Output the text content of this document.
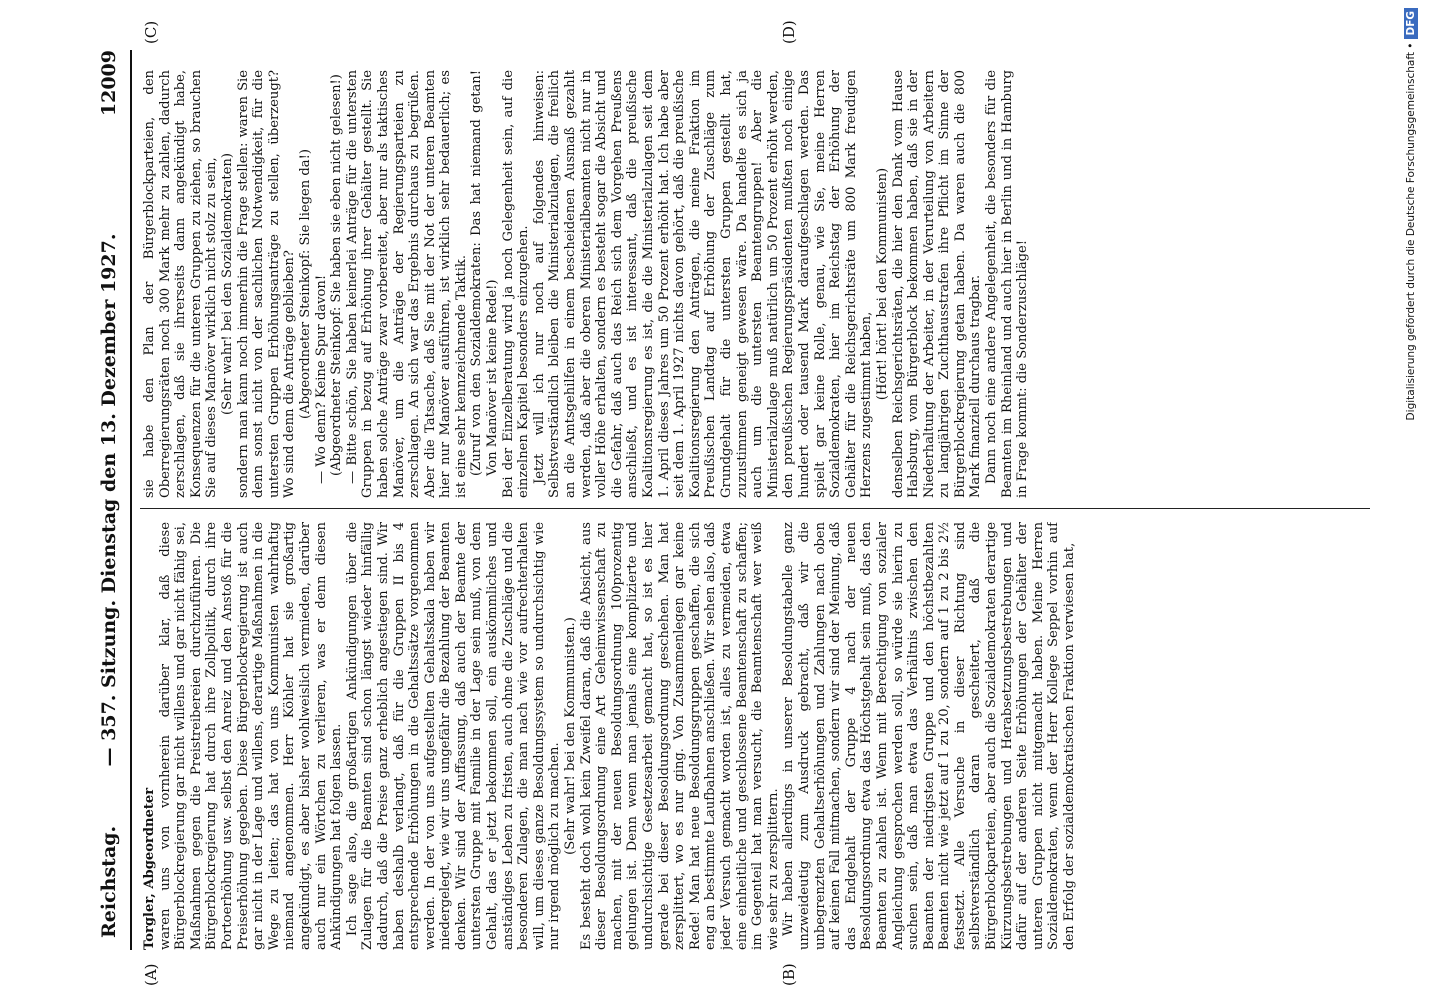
Reichstag.
— 357. Sitzung. Dienstag den 13. Dezember 1927.
12009

Torgler, Abgeordneter waren uns von vornherein darüber klar, daß diese Bürgerblockregierung gar nicht willens und gar nicht fähig sei, Maßnahmen gegen die Preistreibereien durchzuführen. Die Bürgerblockregierung hat durch ihre Zollpolitik, durch ihre Portoerhöhung usw. selbst den Anreiz und den Anstoß für die Preiserhöhung gegeben. Diese Bürgerblockregierung ist auch gar nicht in der Lage und willens, derartige Maßnahmen in die Wege zu leiten; das hat von uns Kommunisten wahrhaftig niemand angenommen. Herr Köhler hat sie großartig angekündigt, es aber bisher wohlweislich vermieden, darüber auch nur ein Wörtchen zu verlieren, was er denn diesen Ankündigungen hat folgen lassen. Ich sage also, die großartigen Ankündigungen über die Zulagen für die Beamten sind schon längst wieder hinfällig dadurch, daß die Preise ganz erheblich angestiegen sind. Wir haben deshalb verlangt, daß für die Gruppen II bis 4 entsprechende Erhöhungen in die Gehaltssätze vorgenommen werden. In der von uns aufgestellten Gehaltsskala haben wir niedergelegt, wie wir uns ungefähr die Bezahlung der Beamten denken. Wir sind der Auffassung, daß auch der Beamte der untersten Gruppe mit Familie in der Lage sein muß, von dem Gehalt, das er jetzt bekommen soll, ein auskömmliches und anständiges Leben zu fristen, auch ohne die Zuschläge und die besonderen Zulagen, die man nach wie vor aufrechterhalten will, um dieses ganze Besoldungssystem so undurchsichtig wie nur irgend möglich zu machen. (Sehr wahr! bei den Kommunisten.) Es besteht doch wohl kein Zweifel daran, daß die Absicht, aus dieser Besoldungsordnung eine Art Geheimwissenschaft zu machen, mit der neuen Besoldungsordnung 100prozentig gelungen ist. Denn wenn man jemals eine komplizierte und undurchsichtige Gesetzesarbeit gemacht hat, so ist es hier gerade bei dieser Besoldungsordnung geschehen. Man hat zersplittert, wo es nur ging. Von Zusammenlegen gar keine Rede! Man hat neue Besoldungsgruppen geschaffen, die sich eng an bestimmte Laufbahnen anschließen. Wir sehen also, daß jeder Versuch gemacht worden ist, alles zu vermeiden, etwa eine einheitliche und geschlossene Beamtenschaft zu schaffen; im Gegenteil hat man versucht, die Beamtenschaft wer weiß wie sehr zu zersplittern. Wir haben allerdings in unserer Besoldungstabelle ganz unzweideutig zum Ausdruck gebracht, daß wir die unbegrenzten Gehaltserhöhungen und Zahlungen nach oben auf keinen Fall mitmachen, sondern wir sind der Meinung, daß das Endgehalt der Gruppe 4 nach der neuen Besoldungsordnung etwa das Höchstgehalt sein muß, das den Beamten zu zahlen ist. Wenn mit Berechtigung von sozialer Angleichung gesprochen werden soll, so würde sie hierin zu suchen sein, daß man etwa das Verhältnis zwischen den Beamten der niedrigsten Gruppe und den höchstbezahlten Beamten nicht wie jetzt auf 1 zu 20, sondern auf 1 zu 2 bis 2½ festsetzt. Alle Versuche in dieser Richtung sind selbstverständlich daran gescheitert, daß die Bürgerblockparteien, aber auch die Sozialdemokraten derartige Kürzungsbestrebungen und Herabsetzungsbestrebungen und dafür auf der anderen Seite Erhöhungen der Gehälter der unteren Gruppen nicht mitgemacht haben. Meine Herren Sozialdemokraten, wenn der Herr Kollege Seppel vorhin auf den Erfolg der sozialdemokratischen Fraktion verwiesen hat,

sie habe den Plan der Bürgerblockparteien, den Oberregierungsräten noch 300 Mark mehr zu zahlen, dadurch zerschlagen, daß sie ihrerseits dann angekündigt habe, Konsequenzen für die unteren Gruppen zu ziehen, so brauchen Sie auf dieses Manöver wirklich nicht stolz zu sein, (Sehr wahr! bei den Sozialdemokraten) sondern man kann noch immerhin die Frage stellen: waren Sie denn sonst nicht von der sachlichen Notwendigkeit, für die untersten Gruppen Erhöhungsanträge zu stellen, überzeugt? Wo sind denn die Anträge geblieben? (Abgeordneter Steinkopf: Sie liegen da!) — Wo denn? Keine Spur davon! (Abgeordneter Steinkopf: Sie haben sie eben nicht gelesen!) — Bitte schön, Sie haben keinerlei Anträge für die untersten Gruppen in bezug auf Erhöhung ihrer Gehälter gestellt. Sie haben solche Anträge zwar vorbereitet, aber nur als taktisches Manöver, um die Anträge der Regierungsparteien zu zerschlagen. An sich war das Ergebnis durchaus zu begrüßen. Aber die Tatsache, daß Sie mit der Not der unteren Beamten hier nur Manöver ausführen, ist wirklich sehr bedauerlich; es ist eine sehr kennzeichnende Taktik. (Zuruf von den Sozialdemokraten: Das hat niemand getan! Von Manöver ist keine Rede!) Bei der Einzelberatung wird ja noch Gelegenheit sein, auf die einzelnen Kapitel besonders einzugehen. Jetzt will ich nur noch auf folgendes hinweisen: Selbstverständlich bleiben die Ministerialzulagen, die freilich an die Amtsgehilfen in einem bescheidenen Ausmaß gezahlt werden, daß aber die oberen Ministerialbeamten nicht nur in voller Höhe erhalten, sondern es besteht sogar die Absicht und die Gefahr, daß auch das Reich sich dem Vorgehen Preußens anschließt, und es ist interessant, daß die preußische Koalitionsregierung es ist, die die Ministerialzulagen seit dem 1. April dieses Jahres um 50 Prozent erhöht hat. Ich habe aber seit dem 1. April 1927 nichts davon gehört, daß die preußische Koalitionsregierung den Anträgen, die meine Fraktion im Preußischen Landtag auf Erhöhung der Zuschläge zum Grundgehalt für die untersten Gruppen gestellt hat, zuzustimmen geneigt gewesen wäre. Da handelte es sich ja auch um die untersten Beamtengruppen! Aber die Ministerialzulage muß natürlich um 50 Prozent erhöht werden, den preußischen Regierungspräsidenten mußten noch einige hundert oder tausend Mark daraufgeschlagen werden. Das spielt gar keine Rolle, genau, wie Sie, meine Herren Sozialdemokraten, hier im Reichstag der Erhöhung der Gehälter für die Reichsgerichtsräte um 800 Mark freudigen Herzens zugestimmt haben,

(Hört! hört! bei den Kommunisten) denselben Reichsgerichtsräten, die hier den Dank vom Hause Habsburg, vom Bürgerblock bekommen haben, daß sie in der Niederhaltung der Arbeiter, in der Verurteilung von Arbeitern zu langjährigen Zuchthausstrafen ihre Pflicht im Sinne der Bürgerblockregierung getan haben. Da waren auch die 800 Mark finanziell durchaus tragbar. Dann noch eine andere Angelegenheit, die besonders für die Beamten im Rheinland und auch hier in Berlin und in Hamburg in Frage kommt: die Sonderzuschläge!

(A)	(B)
(C)	(D)
Digitalisierung gefördert durch die Deutsche Forschungsgemeinschaft •DFG
